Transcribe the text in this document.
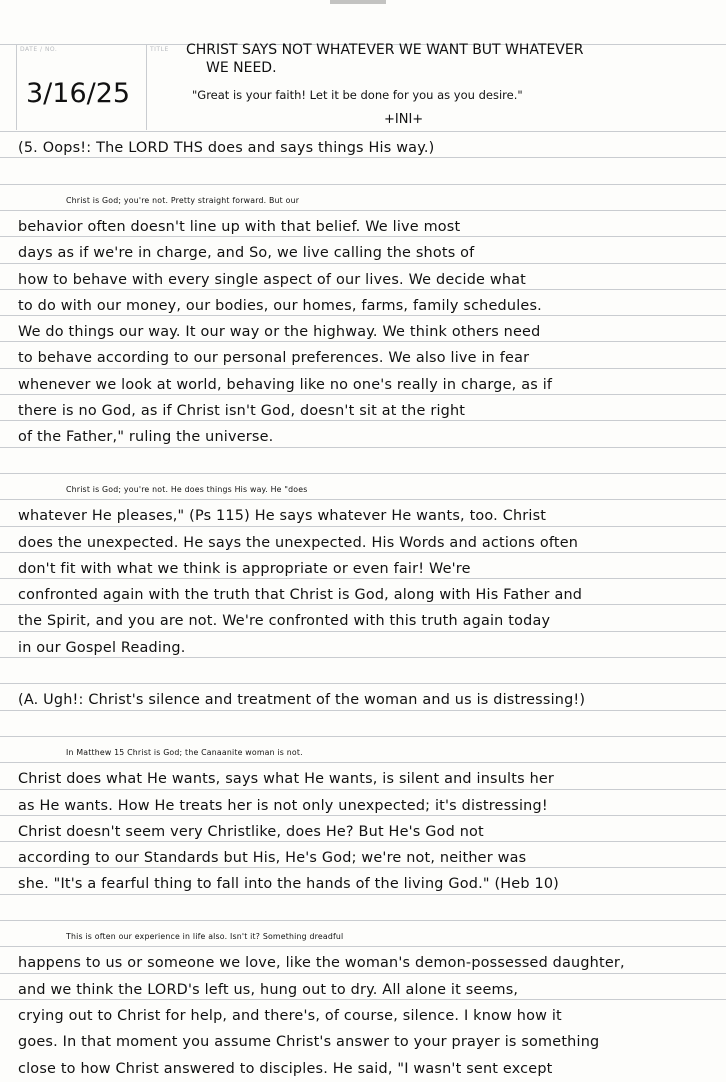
DATE / NO.	TITLE
3/16/25
CHRIST SAYS NOT WHATEVER WE WANT BUT WHATEVER
WE NEED.
"Great is your faith! Let it be done for you as you desire."
+INI+
(5. Oops!: The LORD THS does and says things His way.)
Christ is God; you're not. Pretty straight forward. But our
behavior often doesn't line up with that belief. We live most
days as if we're in charge, and So, we live calling the shots of
how to behave with every single aspect of our lives. We decide what
to do with our money, our bodies, our homes, farms, family schedules.
We do things our way. It our way or the highway. We think others need
to behave according to our personal preferences. We also live in fear
whenever we look at world, behaving like no one's really in charge, as if
there is no God, as if Christ isn't God, doesn't sit at the right
of the Father," ruling the universe.
Christ is God; you're not. He does things His way. He "does
whatever He pleases," (Ps 115) He says whatever He wants, too. Christ
does the unexpected. He says the unexpected. His Words and actions often
don't fit with what we think is appropriate or even fair! We're
confronted again with the truth that Christ is God, along with His Father and
the Spirit, and you are not. We're confronted with this truth again today
in our Gospel Reading.
(A. Ugh!: Christ's silence and treatment of the woman and us is distressing!)
In Matthew 15 Christ is God; the Canaanite woman is not.
Christ does what He wants, says what He wants, is silent and insults her
as He wants. How He treats her is not only unexpected; it's distressing!
Christ doesn't seem very Christlike, does He? But He's God not
according to our Standards but His, He's God; we're not, neither was
she. "It's a fearful thing to fall into the hands of the living God." (Heb 10)
This is often our experience in life also. Isn't it? Something dreadful
happens to us or someone we love, like the woman's demon-possessed daughter,
and we think the LORD's left us, hung out to dry. All alone it seems,
crying out to Christ for help, and there's, of course, silence. I know how it
goes. In that moment you assume Christ's answer to your prayer is something
close to how Christ answered to disciples. He said, "I wasn't sent except
